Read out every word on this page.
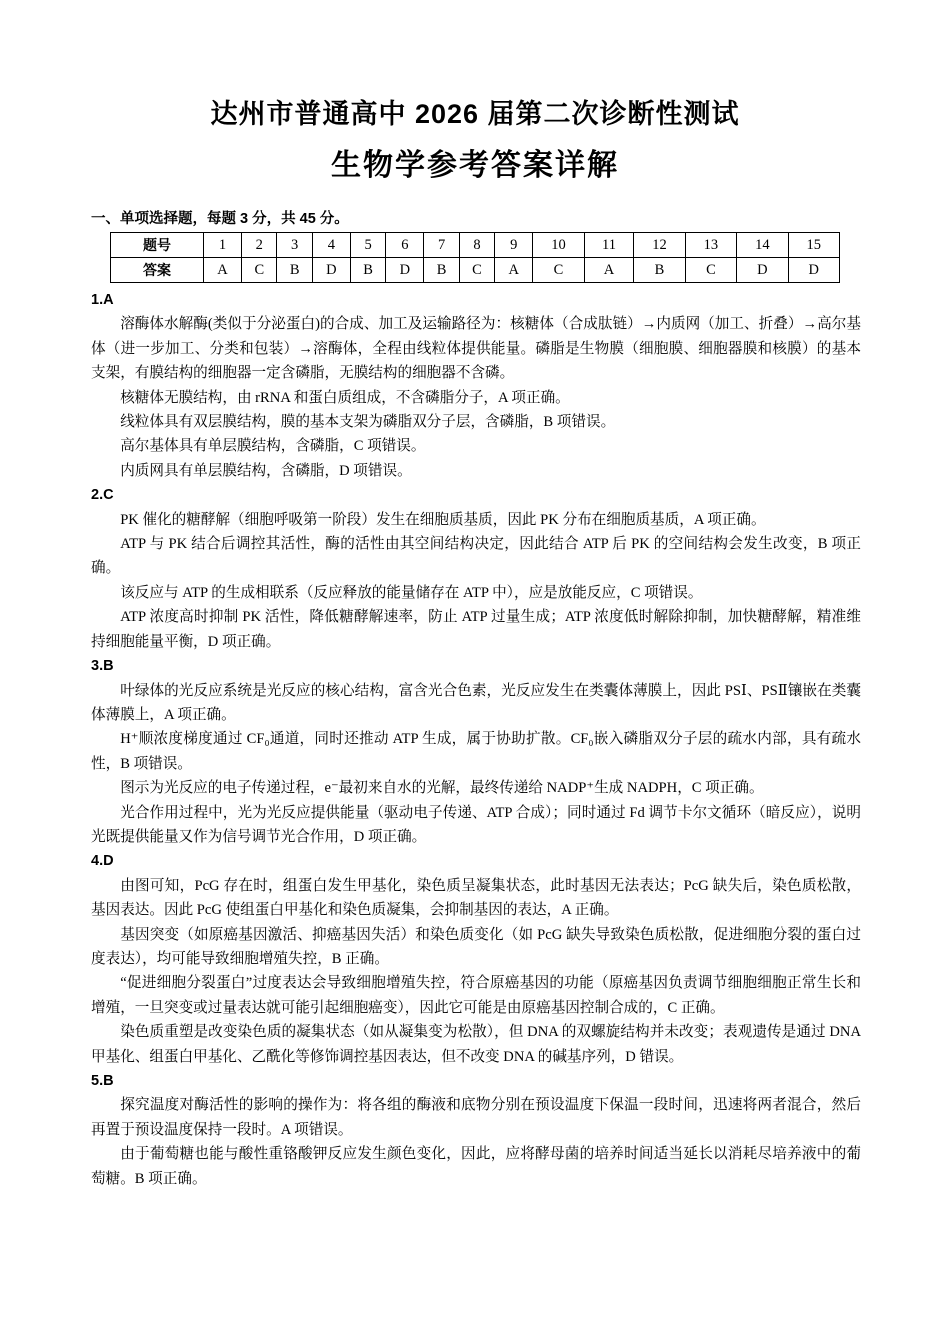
达州市普通高中 2026 届第二次诊断性测试
生物学参考答案详解
一、单项选择题，每题 3 分，共 45 分。
题号	1	2	3	4	5	6	7	8	9	10	11	12	13	14	15
答案	A	C	B	D	B	D	B	C	A	C	A	B	C	D	D

1.A

溶酶体水解酶(类似于分泌蛋白)的合成、加工及运输路径为：核糖体（合成肽链）→内质网（加工、折叠）→高尔基体（进一步加工、分类和包装）→溶酶体，全程由线粒体提供能量。磷脂是生物膜（细胞膜、细胞器膜和核膜）的基本支架，有膜结构的细胞器一定含磷脂，无膜结构的细胞器不含磷。

核糖体无膜结构，由 rRNA 和蛋白质组成，不含磷脂分子，A 项正确。

线粒体具有双层膜结构，膜的基本支架为磷脂双分子层，含磷脂，B 项错误。

高尔基体具有单层膜结构，含磷脂，C 项错误。

内质网具有单层膜结构，含磷脂，D 项错误。

2.C

PK 催化的糖酵解（细胞呼吸第一阶段）发生在细胞质基质，因此 PK 分布在细胞质基质，A 项正确。

ATP 与 PK 结合后调控其活性，酶的活性由其空间结构决定，因此结合 ATP 后 PK 的空间结构会发生改变，B 项正确。

该反应与 ATP 的生成相联系（反应释放的能量储存在 ATP 中），应是放能反应，C 项错误。

ATP 浓度高时抑制 PK 活性，降低糖酵解速率，防止 ATP 过量生成；ATP 浓度低时解除抑制，加快糖酵解，精准维持细胞能量平衡，D 项正确。

3.B

叶绿体的光反应系统是光反应的核心结构，富含光合色素，光反应发生在类囊体薄膜上，因此 PSⅠ、PSⅡ镶嵌在类囊体薄膜上，A 项正确。

H⁺顺浓度梯度通过 CF₀通道，同时还推动 ATP 生成，属于协助扩散。CF₀嵌入磷脂双分子层的疏水内部，具有疏水性，B 项错误。

图示为光反应的电子传递过程，e⁻最初来自水的光解，最终传递给 NADP⁺生成 NADPH，C 项正确。

光合作用过程中，光为光反应提供能量（驱动电子传递、ATP 合成）；同时通过 Fd 调节卡尔文循环（暗反应），说明光既提供能量又作为信号调节光合作用，D 项正确。

4.D

由图可知，PcG 存在时，组蛋白发生甲基化，染色质呈凝集状态，此时基因无法表达；PcG 缺失后，染色质松散，基因表达。因此 PcG 使组蛋白甲基化和染色质凝集，会抑制基因的表达，A 正确。

基因突变（如原癌基因激活、抑癌基因失活）和染色质变化（如 PcG 缺失导致染色质松散，促进细胞分裂的蛋白过度表达），均可能导致细胞增殖失控，B 正确。

“促进细胞分裂蛋白”过度表达会导致细胞增殖失控，符合原癌基因的功能（原癌基因负责调节细胞细胞正常生长和增殖，一旦突变或过量表达就可能引起细胞癌变），因此它可能是由原癌基因控制合成的，C 正确。

染色质重塑是改变染色质的凝集状态（如从凝集变为松散），但 DNA 的双螺旋结构并未改变；表观遗传是通过 DNA 甲基化、组蛋白甲基化、乙酰化等修饰调控基因表达，但不改变 DNA 的碱基序列，D 错误。

5.B

探究温度对酶活性的影响的操作为：将各组的酶液和底物分别在预设温度下保温一段时间，迅速将两者混合，然后再置于预设温度保持一段时。A 项错误。

由于葡萄糖也能与酸性重铬酸钾反应发生颜色变化，因此，应将酵母菌的培养时间适当延长以消耗尽培养液中的葡萄糖。B 项正确。
